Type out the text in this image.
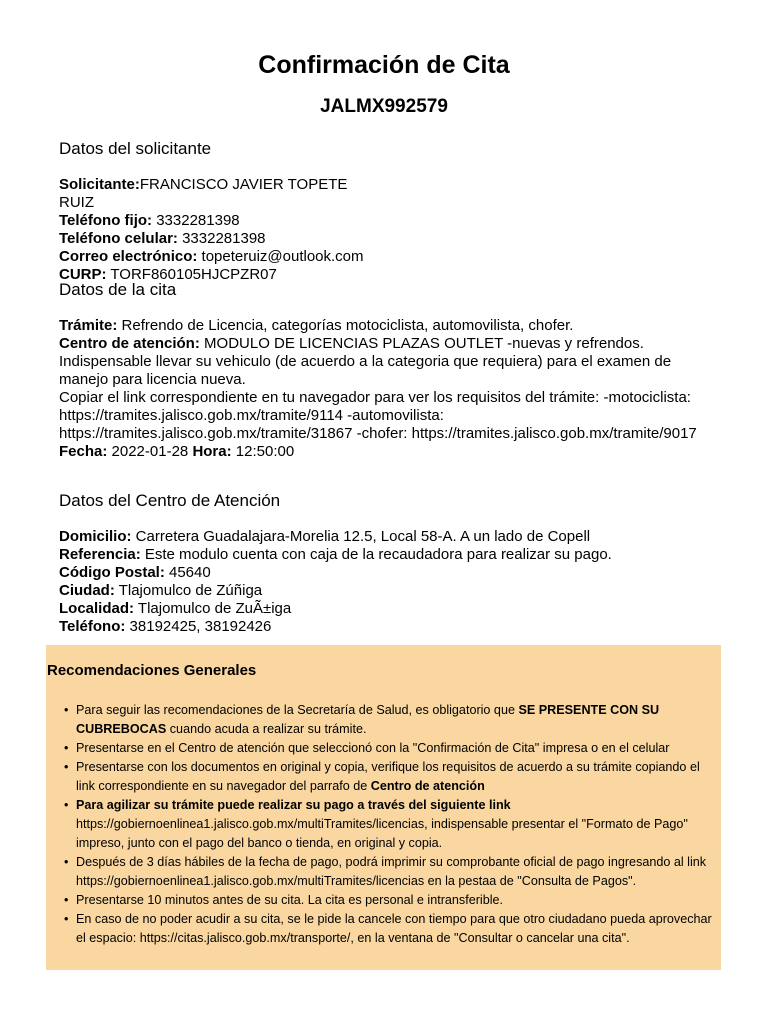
Confirmación de Cita
JALMX992579
Datos del solicitante

Solicitante:FRANCISCO JAVIER TOPETE RUIZ

Teléfono fijo: 3332281398

Teléfono celular: 3332281398

Correo electrónico: topeteruiz@outlook.com

CURP: TORF860105HJCPZR07

Datos de la cita

Trámite: Refrendo de Licencia, categorías motociclista, automovilista, chofer.

Centro de atención: MODULO DE LICENCIAS PLAZAS OUTLET -nuevas y refrendos. Indispensable llevar su vehiculo (de acuerdo a la categoria que requiera) para el examen de manejo para licencia nueva.

Copiar el link correspondiente en tu navegador para ver los requisitos del trámite: -motociclista: https://tramites.jalisco.gob.mx/tramite/9114 -automovilista: https://tramites.jalisco.gob.mx/tramite/31867 -chofer: https://tramites.jalisco.gob.mx/tramite/9017

Fecha: 2022-01-28 Hora: 12:50:00

Datos del Centro de Atención

Domicilio: Carretera Guadalajara-Morelia 12.5, Local 58-A. A un lado de Copell

Referencia: Este modulo cuenta con caja de la recaudadora para realizar su pago.

Código Postal: 45640

Ciudad: Tlajomulco de Zúñiga

Localidad: Tlajomulco de ZuÃ±iga

Teléfono: 38192425, 38192426

Recomendaciones Generales
• Para seguir las recomendaciones de la Secretaría de Salud, es obligatorio que SE PRESENTE CON SU CUBREBOCAS cuando acuda a realizar su trámite.
• Presentarse en el Centro de atención que seleccionó con la "Confirmación de Cita" impresa o en el celular
• Presentarse con los documentos en original y copia, verifique los requisitos de acuerdo a su trámite copiando el link correspondiente en su navegador del parrafo de Centro de atención
• Para agilizar su trámite puede realizar su pago a través del siguiente link https://gobiernoenlinea1.jalisco.gob.mx/multiTramites/licencias, indispensable presentar el "Formato de Pago" impreso, junto con el pago del banco o tienda, en original y copia.
• Después de 3 días hábiles de la fecha de pago, podrá imprimir su comprobante oficial de pago ingresando al link https://gobiernoenlinea1.jalisco.gob.mx/multiTramites/licencias en la pestaa de "Consulta de Pagos".
• Presentarse 10 minutos antes de su cita. La cita es personal e intransferible.
• En caso de no poder acudir a su cita, se le pide la cancele con tiempo para que otro ciudadano pueda aprovechar el espacio: https://citas.jalisco.gob.mx/transporte/, en la ventana de "Consultar o cancelar una cita".
